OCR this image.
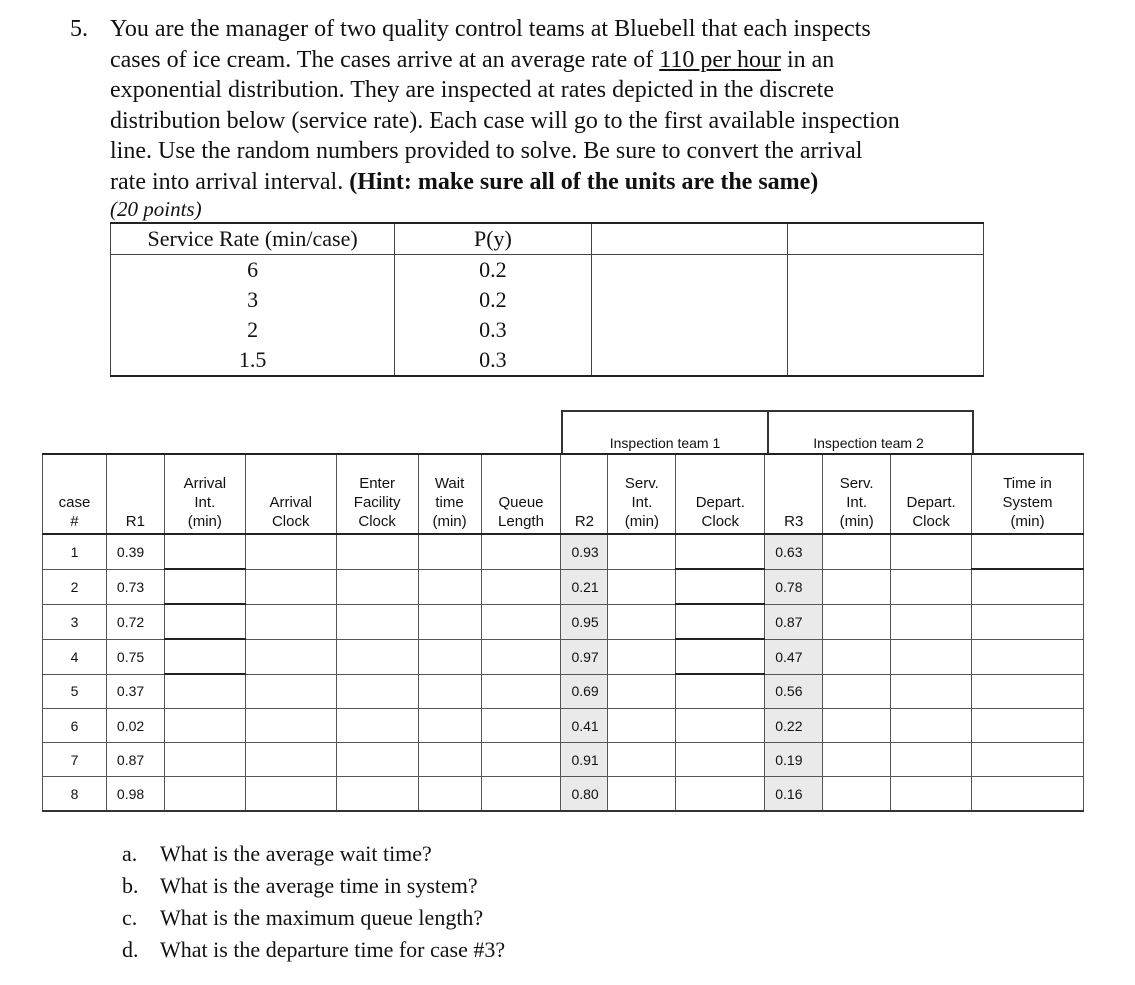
5. You are the manager of two quality control teams at Bluebell that each inspects
cases of ice cream. The cases arrive at an average rate of 110 per hour in an
exponential distribution. They are inspected at rates depicted in the discrete
distribution below (service rate). Each case will go to the first available inspection
line. Use the random numbers provided to solve. Be sure to convert the arrival
rate into arrival interval. (Hint: make sure all of the units are the same)
(20 points)
Service Rate (min/case)	P(y)		
6	0.2		
3	0.2		
2	0.3		
1.5	0.3		
Inspection team 1	Inspection team 2
case
#	R1	Arrival
Int.
(min)	Arrival
Clock	Enter
Facility
Clock	Wait
time
(min)	Queue
Length	R2	Serv.
Int.
(min)	Depart.
Clock	R3	Serv.
Int.
(min)	Depart.
Clock	Time in
System
(min)
1	0.39						0.93			0.63			
2	0.73						0.21			0.78			
3	0.72						0.95			0.87			
4	0.75						0.97			0.47			
5	0.37						0.69			0.56			
6	0.02						0.41			0.22			
7	0.87						0.91			0.19			
8	0.98						0.80			0.16			
a. What is the average wait time?
b. What is the average time in system?
c. What is the maximum queue length?
d. What is the departure time for case #3?
